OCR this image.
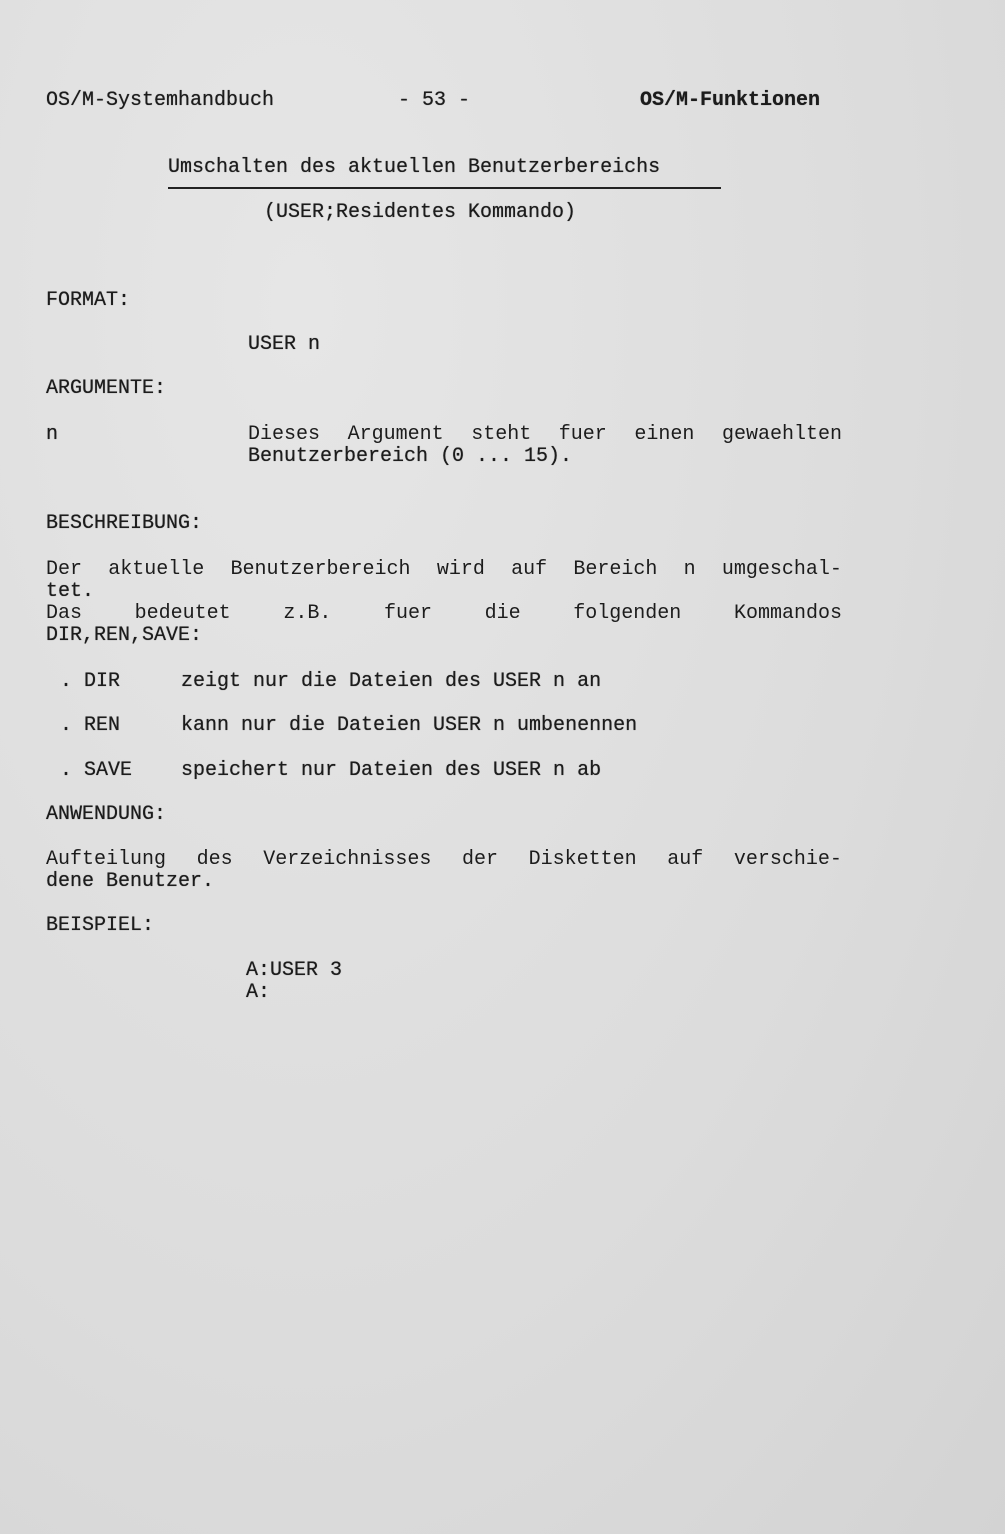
OS/M-Systemhandbuch	- 53 -	OS/M-Funktionen
Umschalten des aktuellen Benutzerbereichs
(USER;Residentes Kommando)
FORMAT:
USER n
ARGUMENTE:
n	Dieses Argument steht fuer einen gewaehlten
Benutzerbereich (0 ... 15).
BESCHREIBUNG:
Der aktuelle Benutzerbereich wird auf Bereich n umgeschal-
tet.
Das	bedeutet	z.B.	fuer	die	folgenden	Kommandos
DIR,REN,SAVE:
. DIR	zeigt nur die Dateien des USER n an
. REN	kann nur die Dateien USER n umbenennen
. SAVE speichert nur Dateien des USER n ab
ANWENDUNG:
Aufteilung des Verzeichnisses der Disketten auf verschie-
dene Benutzer.
BEISPIEL:
A:USER 3
A:
